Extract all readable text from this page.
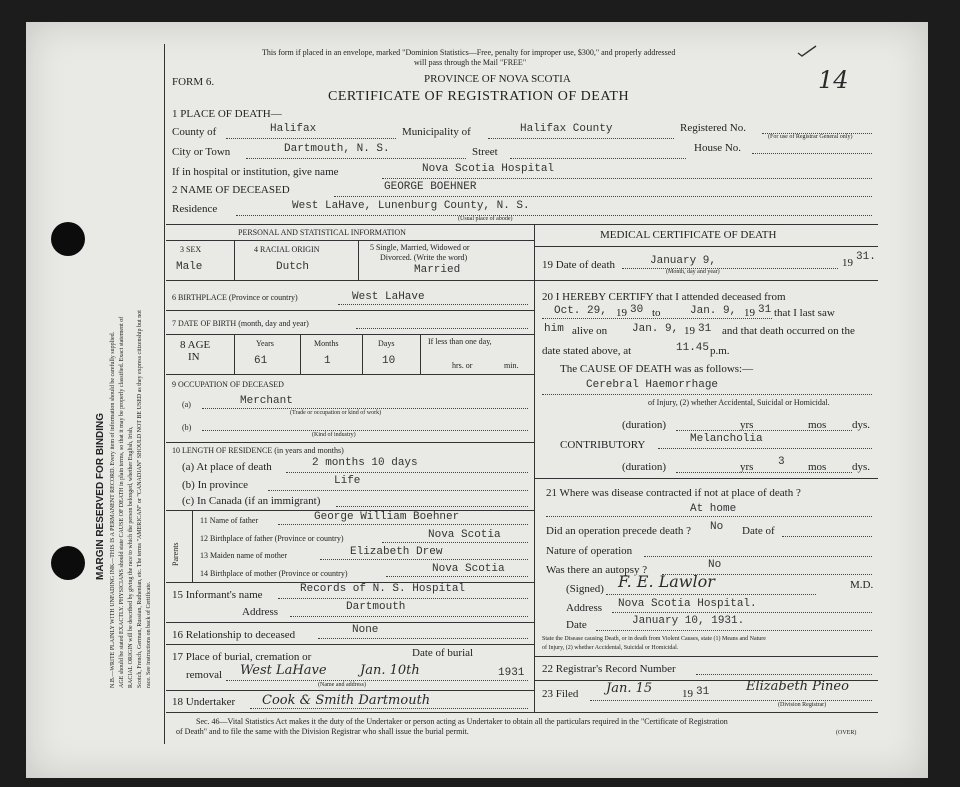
MARGIN RESERVED FOR BINDING N.B.—WRITE PLAINLY WITH UNFADING INK—THIS IS A PERMANENT RECORD. Every item of information should be carefully supplied. AGE should be stated EXACTLY. PHYSICIANS should state CAUSE OF DEATH in plain terms, so that it may be properly classified. Exact statement of RACIAL ORIGIN will be described by giving the race to which the person belonged, whether English, Irish, Scotch, French, German, Russian, Ruthenian, etc. The terms "AMERICAN" or "CANADIAN" SHOULD NOT BE USED as they express citizenship but not race. See instructions on back of Certificate.
This form if placed in an envelope, marked "Dominion Statistics—Free, penalty for improper use, $300," and properly addressed
will pass through the Mail "FREE"
FORM 6.	PROVINCE OF NOVA SCOTIA
CERTIFICATE OF REGISTRATION OF DEATH
14
1 PLACE OF DEATH—
County of	Halifax	Municipality of	Halifax County	Registered No.
(For use of Registrar General only)
City or Town	Dartmouth, N. S.	Street	House No.
If in hospital or institution, give name	Nova Scotia Hospital
2 NAME OF DECEASED	GEORGE BOEHNER
Residence	West LaHave, Lunenburg County, N. S.
(Usual place of abode)
PERSONAL AND STATISTICAL INFORMATION
3 SEX
Male
4 RACIAL ORIGIN
Dutch
5 Single, Married, Widowed or
Divorced. (Write the word)
Married
6 BIRTHPLACE (Province or country)	West LaHave
7 DATE OF BIRTH (month, day and year)
8 AGE
IN
Years	Months	Days
61	1	10
If less than one day,
hrs. or	min.
9 OCCUPATION OF DECEASED
(a)	Merchant
(Trade or occupation or kind of work)
(b)
(Kind of industry)
10 LENGTH OF RESIDENCE (in years and months)
(a) At place of death	2 months 10 days
(b) In province	Life
(c) In Canada (if an immigrant)
Parents
11 Name of father	George William Boehner
12 Birthplace of father (Province or country)	Nova Scotia
13 Maiden name of mother	Elizabeth Drew
14 Birthplace of mother (Province or country)	Nova Scotia
15 Informant's name	Records of N. S. Hospital
Address	Dartmouth
16 Relationship to deceased	None
17 Place of burial, cremation or
removal
Date of burial
West LaHave	Jan. 10th	1931
(Name and address)
18 Undertaker Cook & Smith Dartmouth
MEDICAL CERTIFICATE OF DEATH
19 Date of death	January 9,	19 31.
(Month, day and year)
20 I HEREBY CERTIFY that I attended deceased from
Oct. 29, 19 30 to	Jan. 9, 19 31 that I last saw
him alive on Jan. 9, 19 31 and that death occurred on the
date stated above, at	11.45 p.m.
The CAUSE OF DEATH was as follows:—
Cerebral Haemorrhage
of Injury, (2) whether Accidental, Suicidal or Homicidal.
(duration)	yrs	mos dys.
CONTRIBUTORY	Melancholia
(duration)	yrs 3 mos dys.
21 Where was disease contracted if not at place of death ?
At home
Did an operation precede death ? No Date of
Nature of operation
Was there an autopsy ?	No
(Signed) F. E. Lawlor	M.D.
Address Nova Scotia Hospital.
Date	January 10, 1931.
State the Disease causing Death, or in death from Violent Causes, state (1) Means and Nature
of Injury, (2) whether Accidental, Suicidal or Homicidal.
22 Registrar's Record Number
23 Filed Jan. 15	19 31	Elizabeth Pineo
(Division Registrar)
Sec. 46—Vital Statistics Act makes it the duty of the Undertaker or person acting as Undertaker to obtain all the particulars required in the "Certificate of Registration
of Death" and to file the same with the Division Registrar who shall issue the burial permit.	(OVER)
